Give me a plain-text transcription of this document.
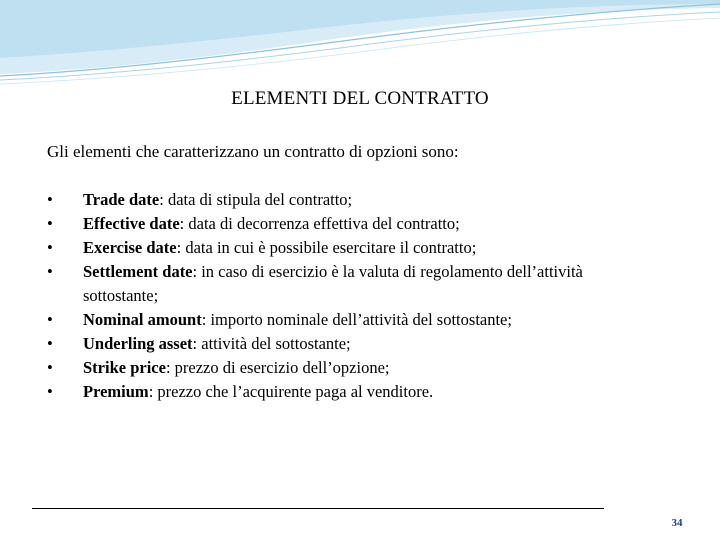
ELEMENTI DEL CONTRATTO
Gli elementi che caratterizzano un contratto di opzioni sono:
• Trade date: data di stipula del contratto;
• Effective date: data di decorrenza effettiva del contratto;
• Exercise date: data in cui è possibile esercitare il contratto;
• Settlement date: in caso di esercizio è la valuta di regolamento dell’attività sottostante;
• Nominal amount: importo nominale dell’attività del sottostante;
• Underling asset: attività del sottostante;
• Strike price: prezzo di esercizio dell’opzione;
• Premium: prezzo che l’acquirente paga al venditore.
34
